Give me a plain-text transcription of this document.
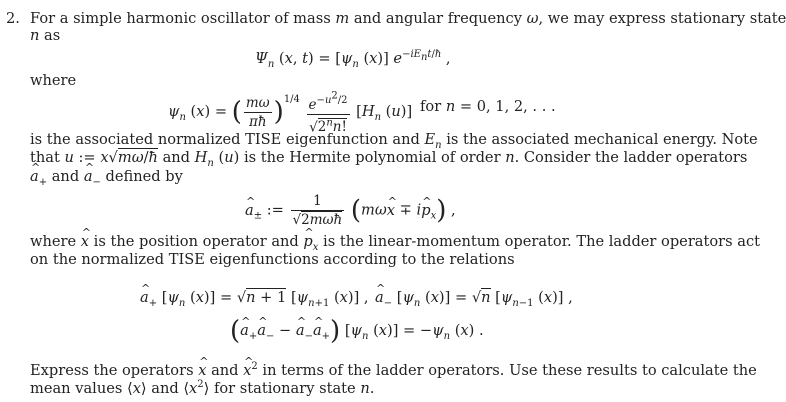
2. For a simple harmonic oscillator of mass m and angular frequency ω, we may express stationary state
n as
$\Psi_n$ (x, $t) = [\psi_n$ (x)] $e^{-iE_nt/ħ}$ ,
where
$\psi_n$ (x) = ( $\frac{m\omega}{\pi ħ} )^{1/4} \frac{e^{-u^2/2}}{√2^nn!} [H_n$ (u)] for n = 0, 1, 2, . . .
is the associated normalized TISE eigenfunction and $E_n$ is the associated mechanical energy. Note
that u := x√mω/ħ and $H_n$ (u) is the Hermite polynomial of order n. Consider the ladder operators
^ $a_+$ and ^ $a_-$ defined by
^ $a_\pm$ := $\frac{1}{\text{√2mωħ}}$ (mω^ x ∓ i^ $p_x$) ,
where ^ x is the position operator and ^ $p_x$ is the linear-momentum operator. The ladder operators act
on the normalized TISE eigenfunctions according to the relations
^ $a_+$ [$\psi_n$ (x)] = √n + 1 [$\psi_{n+1}$ (x)] ,
^ $a_-$ [$\psi_n$ (x)] = √n [$\psi_{n-1}$ (x)] ,
(^ $a_+\^{}$ $a_-$ − ^ $a_-\^{}$ $a_+$) [$\psi_n$ $(x)] = -\psi_n$ (x) .
Express the operators ^ x and ^ $x^2$ in terms of the ladder operators. Use these results to calculate the
mean values ⟨x⟩ and $⟨x^2⟩$ for stationary state n.
